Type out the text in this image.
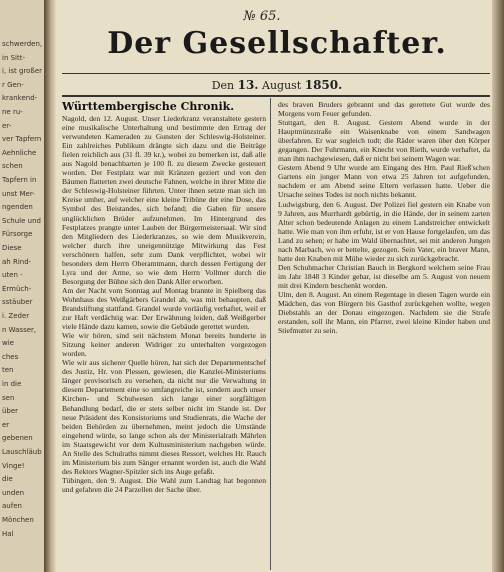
schwerden,
in Sitt-
i, ist großer
r Gen-
krankend-
ne ru-
er-
ver Tapfern
Aehnliche
schen
Tapfern in
unst Mer-
ngenden
Schule und
Fürsorge
Diese
ah Rind-
uten -
Ermüch-
sstäuber
i. Zeder
n Wasser,
wie
ches
ten
in die
sen
über
er
gebenen
Lauschläub
Vinge!
die
unden
aufen
Mönchen
Hal
№ 65.
Der Gesellschafter.
Den 13. August 1850.
Württembergische Chronik.

Nagold, den 12. August. Unser Liederkranz veranstaltete gestern eine musikalische Unterhaltung und bestimmte den Ertrag der verwundeten Kameraden zu Gunsten der Schleswig-Holsteiner. Ein zahlreiches Publikum drängte sich dazu und die Beiträge fielen reichlich aus (31 fl. 39 kr.), wobei zu bemerken ist, daß alle aus Nagold benachbarten je 100 fl. zu diesem Zwecke gesteuert worden. Der Festplatz war mit Kränzen geziert und von den Bäumen flatterten zwei deutsche Fahnen, welche in ihrer Mitte die der Schleswig-Holsteiner führten. Unter ihnen setzte man sich im Kreise umher, auf welcher eine kleine Tribüne der eine Dose, das Symbol des Beistandes, sich befand; die Gaben für unsere unglücklichen Brüder aufzunehmen. Im Hintergrund des Festplatzes prangte unter Lauben der Bürgermeistersaal. Wir sind den Mitgliedern des Liederkranzes, so wie dem Musikverein, welcher durch ihre uneigennützige Mitwirkung das Fest verschönern halfen, sehr zum Dank verpflichtet, wobei wir besonders dem Herrn Oberamtmann, durch dessen Fertigung der Lyra und der Arme, so wie dem Herrn Vollmer durch die Besorgung der Bühne sich den Dank Aller erworben.

Am der Nacht vom Sonntag auf Montag brannte in Spielberg das Wohnhaus des Weißgärbers Grandel ab, was mit behaupten, daß Brandstiftung stattfand. Grandel wurde vorläufig verhaftet, weil er zur Haft verdächtig war. Der Erwähnung leiden, daß Weißgerber viele Hände dazu kamen, sowie die Gebäude gerettet wurden.

Wie wir hören, sind seit nächstem Monat bereits hunderte in Sitzung keiner anderen Widriger zu unterhalten vorgezogen worden.

Wie wir aus sicherer Quelle hören, hat sich der Departementschef des Justiz, Hr. von Plessen, gewiesen, die Kanzlei-Ministeriums länger provisorisch zu versehen, da nicht nur die Verwaltung in diesem Departement eine so umfangreiche ist, sondern auch unser Kirchen- und Schulwesen sich lange einer sorgfältigen Behandlung bedarf, die er stets selber nicht im Stande ist. Der neue Präsident des Konsistoriums und Studienrats, die Wache der beiden Behörden zu übernehmen, meint jedoch die Umstände eingehend würde, so lange schon als der Ministerialrath Mährlen im Staatsgewicht vor dem Kultusministerium nachgeben würde. An Stelle des Schulraths nimmt dieses Ressort, welches Hr. Rauch im Ministerium bis zum Sänger ernannt worden ist, auch die Wahl des Rektors Wagner-Spitzler sich ins Auge gefaßt.

Tübingen, den 9. August. Die Wahl zum Landtag hat begonnen und gefahren die 24 Parzellen der Sache über.

des braven Bruders gebrannt und das gerettete Gut wurde des Morgens vom Feuer gefunden.

Stuttgart, den 8. August. Gestern Abend wurde in der Hauptmünzstraße ein Waisenknabe von einem Sandwagen überfahren. Er war sogleich todt; die Räder waren über den Körper gegangen. Der Fuhrmann, ein Knecht von Rieth, wurde verhaftet, da man ihm nachgewiesen, daß er nicht bei seinem Wagen war.

Gestern Abend 9 Uhr wurde am Eingang des Hrn. Paul Rieß'schen Gartens ein junger Mann von etwa 25 Jahren tot aufgefunden, nachdem er am Abend seine Eltern verlassen hatte. Ueber die Ursache seines Todes ist noch nichts bekannt.

Ludwigsburg, den 6. August. Der Polizei fiel gestern ein Knabe von 9 Jahren, aus Murrhardt gebürtig, in die Hände, der in seinem zarten Alter schon bedeutende Anlagen zu einem Landstreicher entwickelt hatte. Wie man von ihm erfuhr, ist er von Hause fortgelaufen, um das Land zu sehen; er habe im Wald übernachtet, sei mit anderen Jungen nach Marbach, wo er bettelte, gezogen. Sein Vater, ein braver Mann, hatte den Knaben mit Mühe wieder zu sich zurückgebracht.

Den Schuhmacher Christian Bauch in Bergkord welchem seine Frau im Jahr 1848 3 Kinder gebar, ist dieselbe am 5. August von neuem mit drei Kindern beschenkt worden.

Ulm, den 8. August. An einem Regentage in diesen Tagen wurde ein Mädchen, das von Bürgern bis Gasthof zurückgehen wollte, wegen Diebstahls an der Donau eingezogen. Nachdem sie die Strafe erstanden, soll ihr Mann, ein Pfarrer, zwei kleine Kinder haben und Stiefmutter zu sein.
